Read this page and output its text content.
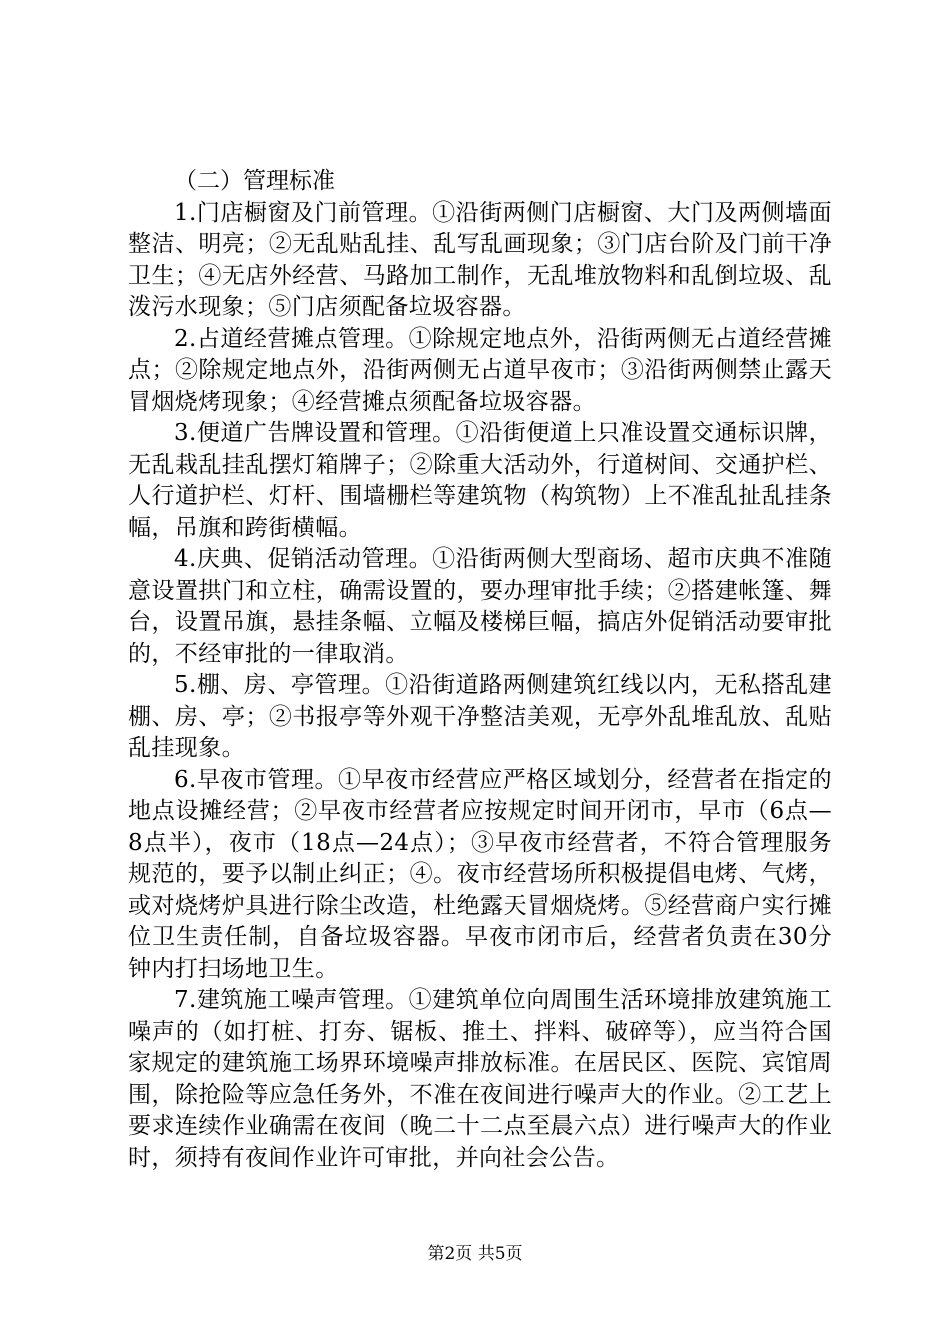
（二）管理标准

1.门店橱窗及门前管理。①沿街两侧门店橱窗、大门及两侧墙面整洁、明亮；②无乱贴乱挂、乱写乱画现象；③门店台阶及门前干净卫生；④无店外经营、马路加工制作，无乱堆放物料和乱倒垃圾、乱泼污水现象；⑤门店须配备垃圾容器。

2.占道经营摊点管理。①除规定地点外，沿街两侧无占道经营摊点；②除规定地点外，沿街两侧无占道早夜市；③沿街两侧禁止露天冒烟烧烤现象；④经营摊点须配备垃圾容器。

3.便道广告牌设置和管理。①沿街便道上只准设置交通标识牌，无乱栽乱挂乱摆灯箱牌子；②除重大活动外，行道树间、交通护栏、人行道护栏、灯杆、围墙栅栏等建筑物（构筑物）上不准乱扯乱挂条幅，吊旗和跨街横幅。

4.庆典、促销活动管理。①沿街两侧大型商场、超市庆典不准随意设置拱门和立柱，确需设置的，要办理审批手续；②搭建帐篷、舞台，设置吊旗，悬挂条幅、立幅及楼梯巨幅，搞店外促销活动要审批的，不经审批的一律取消。

5.棚、房、亭管理。①沿街道路两侧建筑红线以内，无私搭乱建棚、房、亭；②书报亭等外观干净整洁美观，无亭外乱堆乱放、乱贴乱挂现象。

6.早夜市管理。①早夜市经营应严格区域划分，经营者在指定的地点设摊经营；②早夜市经营者应按规定时间开闭市，早市（6点—8点半），夜市（18点—24点）；③早夜市经营者，不符合管理服务规范的，要予以制止纠正；④。夜市经营场所积极提倡电烤、气烤，或对烧烤炉具进行除尘改造，杜绝露天冒烟烧烤。⑤经营商户实行摊位卫生责任制，自备垃圾容器。早夜市闭市后，经营者负责在30分钟内打扫场地卫生。

7.建筑施工噪声管理。①建筑单位向周围生活环境排放建筑施工噪声的（如打桩、打夯、锯板、推土、拌料、破碎等），应当符合国家规定的建筑施工场界环境噪声排放标准。在居民区、医院、宾馆周围，除抢险等应急任务外，不准在夜间进行噪声大的作业。②工艺上要求连续作业确需在夜间（晚二十二点至晨六点）进行噪声大的作业时，须持有夜间作业许可审批，并向社会公告。

第2页 共5页
